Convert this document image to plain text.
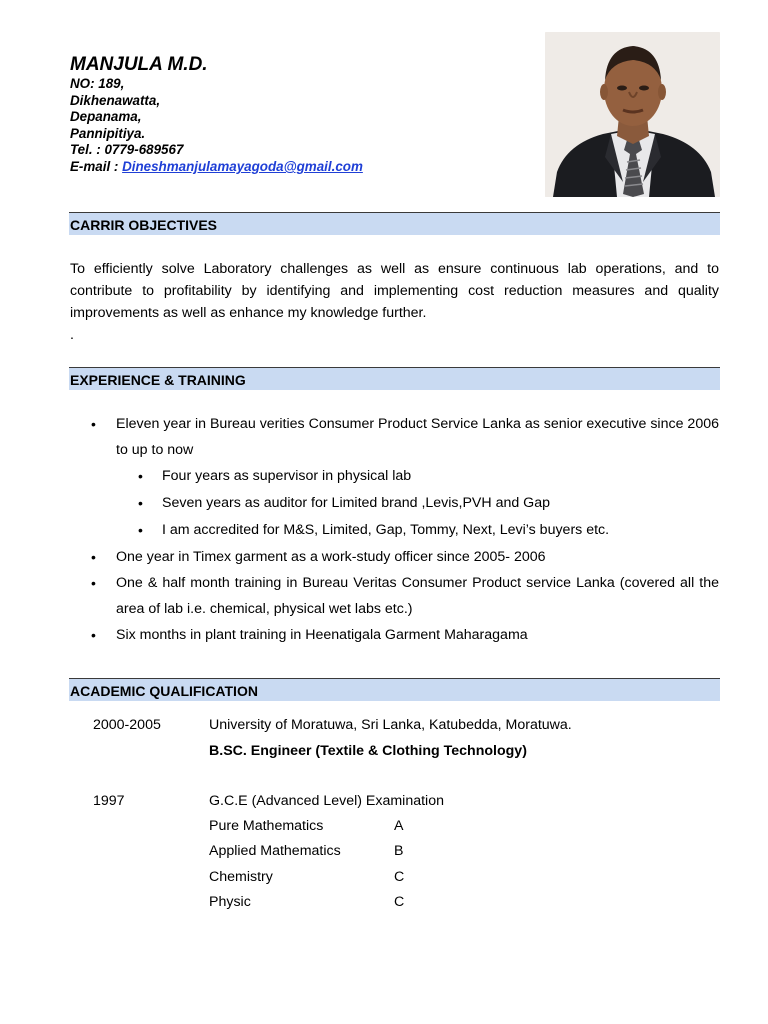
MANJULA M.D.
NO: 189,
Dikhenawatta,
Depanama,
Pannipitiya.
Tel. : 0779-689567
E-mail : Dineshmanjulamayagoda@gmail.com
CARRIR OBJECTIVES
To efficiently solve Laboratory challenges as well as ensure continuous lab operations, and to contribute to profitability by identifying and implementing cost reduction measures and quality improvements as well as enhance my knowledge further.
.
EXPERIENCE & TRAINING
• Eleven year in Bureau verities Consumer Product Service Lanka as senior executive since 2006 to up to now
• Four years as supervisor in physical lab
• Seven years as auditor for Limited brand ,Levis,PVH and Gap
• I am accredited for M&S, Limited, Gap, Tommy, Next, Levi’s buyers etc.
• One year in Timex garment as a work-study officer since 2005- 2006
• One & half month training in Bureau Veritas Consumer Product service Lanka (covered all the area of lab i.e. chemical, physical wet labs etc.)
• Six months in plant training in Heenatigala Garment Maharagama
ACADEMIC QUALIFICATION
2000-2005	University of Moratuwa, Sri Lanka, Katubedda, Moratuwa.
B.SC. Engineer (Textile & Clothing Technology)
1997	G.C.E (Advanced Level) Examination
Pure Mathematics	A
Applied Mathematics	B
Chemistry	C
Physic	C
